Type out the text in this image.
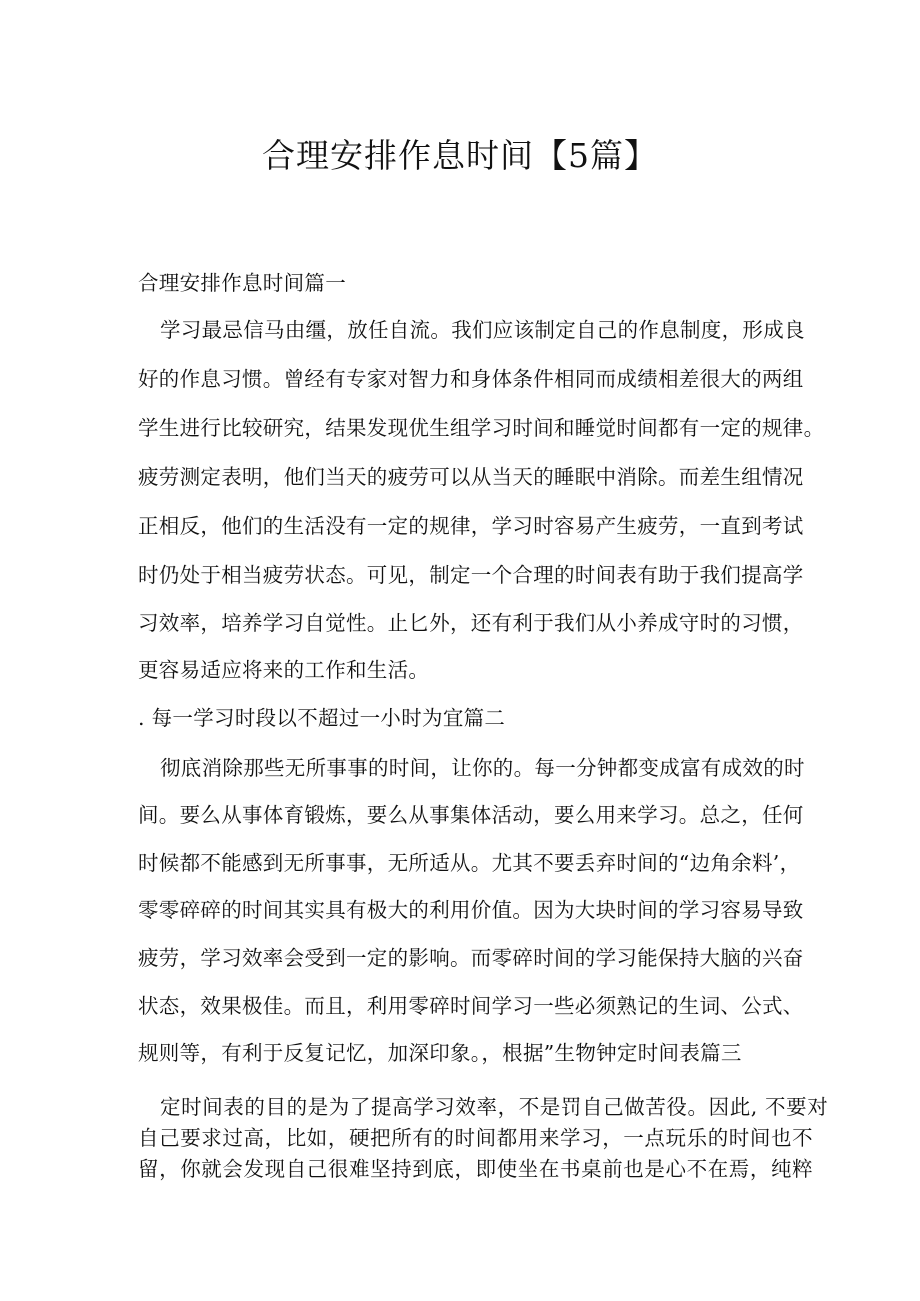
合理安排作息时间【5篇】
合理安排作息时间篇一
学习最忌信马由缰，放任自流。我们应该制定自己的作息制度，形成良
好的作息习惯。曾经有专家对智力和身体条件相同而成绩相差很大的两组
学生进行比较研究，结果发现优生组学习时间和睡觉时间都有一定的规律。
疲劳测定表明，他们当天的疲劳可以从当天的睡眠中消除。而差生组情况
正相反，他们的生活没有一定的规律，学习时容易产生疲劳，一直到考试
时仍处于相当疲劳状态。可见，制定一个合理的时间表有助于我们提高学
习效率，培养学习自觉性。止匕外，还有利于我们从小养成守时的习惯，
更容易适应将来的工作和生活。
. 每一学习时段以不超过一小时为宜篇二
彻底消除那些无所事事的时间，让你的。每一分钟都变成富有成效的时
间。要么从事体育锻炼，要么从事集体活动，要么用来学习。总之，任何
时候都不能感到无所事事，无所适从。尤其不要丢弃时间的“边角余料’，
零零碎碎的时间其实具有极大的利用价值。因为大块时间的学习容易导致
疲劳，学习效率会受到一定的影响。而零碎时间的学习能保持大脑的兴奋
状态，效果极佳。而且，利用零碎时间学习一些必须熟记的生词、公式、
规则等，有利于反复记忆，加深印象。，根据”生物钟定时间表篇三
定时间表的目的是为了提高学习效率，不是罚自己做苦役。因此, 不要对
自己要求过高，比如，硬把所有的时间都用来学习，一点玩乐的时间也不
留，你就会发现自己很难坚持到底，即使坐在书桌前也是心不在焉，纯粹
